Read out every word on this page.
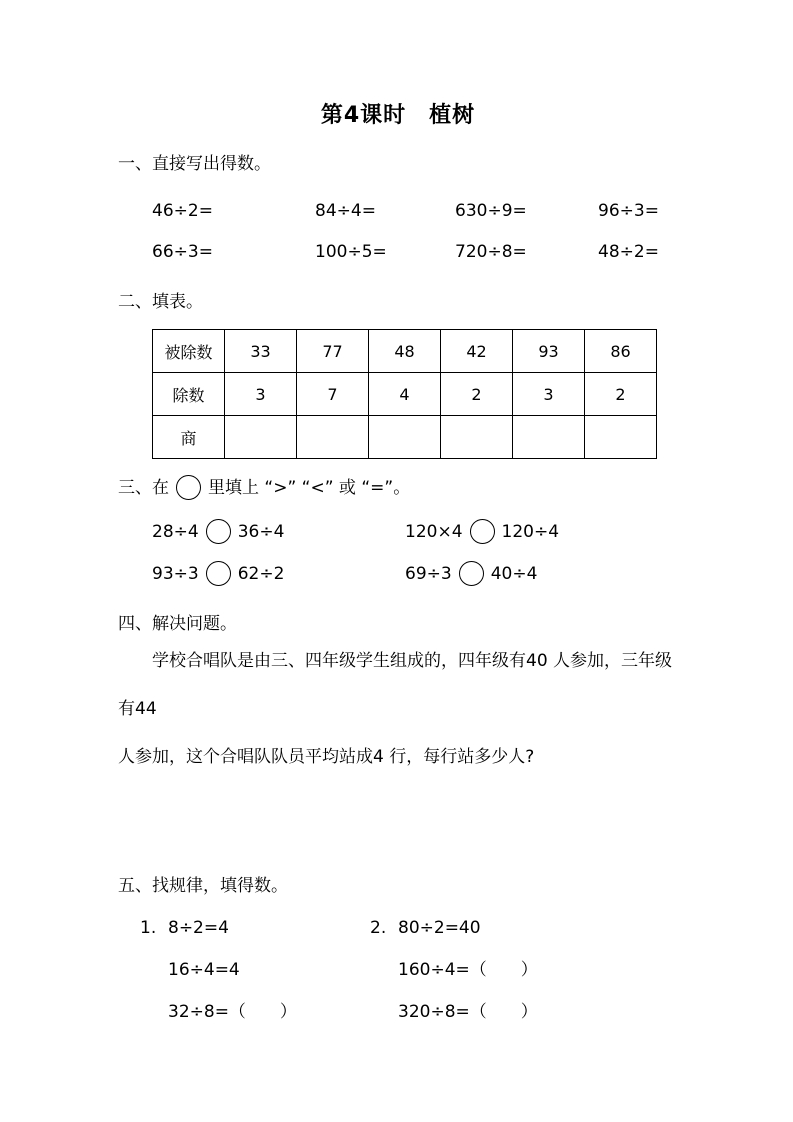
第4课时　植树
一、直接写出得数。
46÷2=	84÷4=	630÷9=	96÷3=
66÷3=	100÷5=	720÷8=	48÷2=
二、填表。
被除数	33	77	48	42	93	86
除数	3	7	4	2	3	2
商						
三、在 里填上 “>” “<” 或 “=”。
28÷4 36÷4	120×4 120÷4
93÷3 62÷2	69÷3 40÷4
四、解决问题。
学校合唱队是由三、四年级学生组成的，四年级有40 人参加，三年级有44
人参加，这个合唱队队员平均站成4 行，每行站多少人?
五、找规律，填得数。
1. 8÷2=4
16÷4=4
32÷8=（　　）
2. 80÷2=40
160÷4=（　　）
320÷8=（　　）
